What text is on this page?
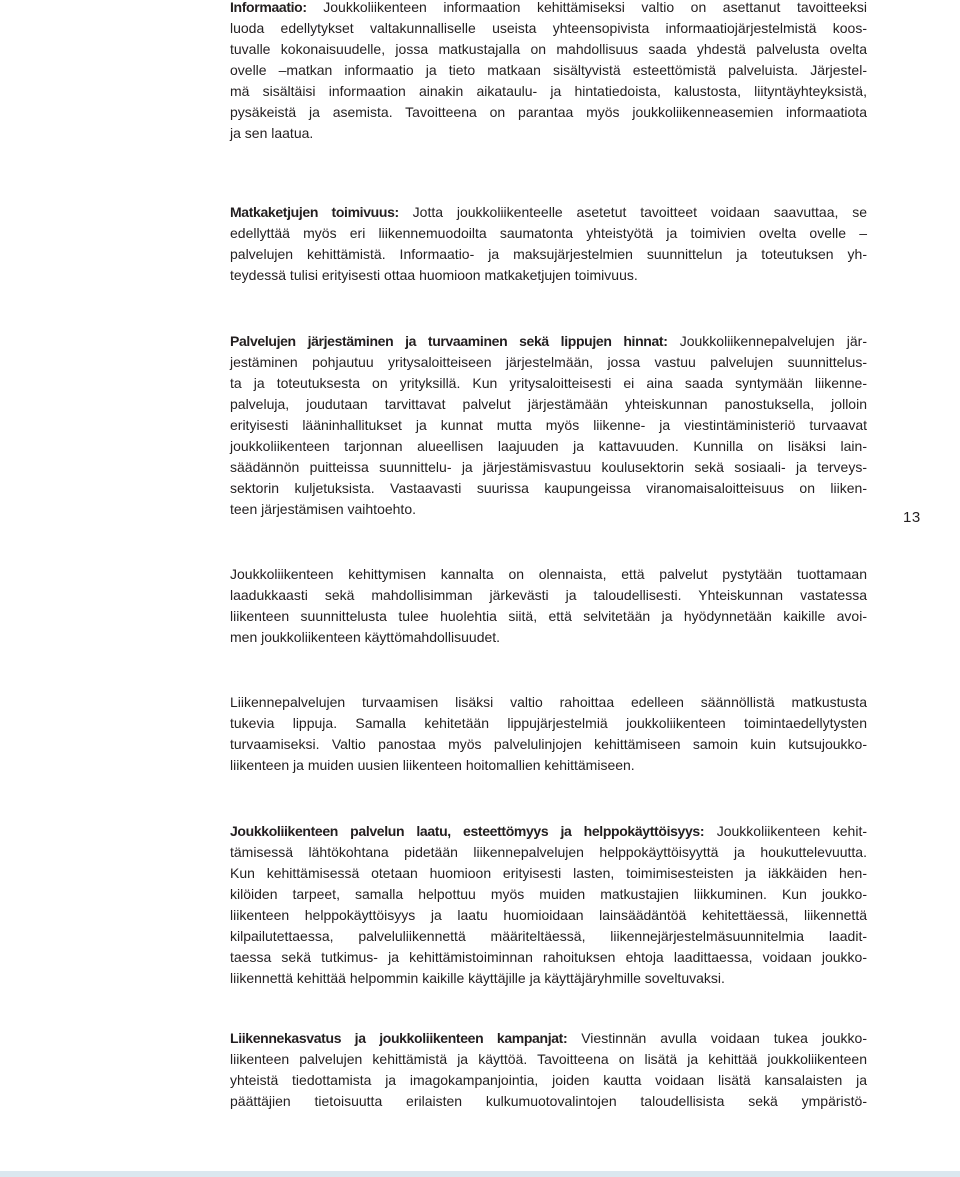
13
Informaatio: Joukkoliikenteen informaation kehittämiseksi valtio on asettanut tavoitteeksi
luoda edellytykset valtakunnalliselle useista yhteensopivista informaatiojärjestelmistä koos-
tuvalle kokonaisuudelle, jossa matkustajalla on mahdollisuus saada yhdestä palvelusta ovelta
ovelle –matkan informaatio ja tieto matkaan sisältyvistä esteettömistä palveluista. Järjestel-
mä sisältäisi informaation ainakin aikataulu- ja hintatiedoista, kalustosta, liityntäyhteyksistä,
pysäkeistä ja asemista. Tavoitteena on parantaa myös joukkoliikenneasemien informaatiota
ja sen laatua.
Matkaketjujen toimivuus: Jotta joukkoliikenteelle asetetut tavoitteet voidaan saavuttaa, se
edellyttää myös eri liikennemuodoilta saumatonta yhteistyötä ja toimivien ovelta ovelle –
palvelujen kehittämistä. Informaatio- ja maksujärjestelmien suunnittelun ja toteutuksen yh-
teydessä tulisi erityisesti ottaa huomioon matkaketjujen toimivuus.
Palvelujen järjestäminen ja turvaaminen sekä lippujen hinnat: Joukkoliikennepalvelujen jär-
jestäminen pohjautuu yritysaloitteiseen järjestelmään, jossa vastuu palvelujen suunnittelus-
ta ja toteutuksesta on yrityksillä. Kun yritysaloitteisesti ei aina saada syntymään liikenne-
palveluja, joudutaan tarvittavat palvelut järjestämään yhteiskunnan panostuksella, jolloin
erityisesti lääninhallitukset ja kunnat mutta myös liikenne- ja viestintäministeriö turvaavat
joukkoliikenteen tarjonnan alueellisen laajuuden ja kattavuuden. Kunnilla on lisäksi lain-
säädännön puitteissa suunnittelu- ja järjestämisvastuu koulusektorin sekä sosiaali- ja terveys-
sektorin kuljetuksista. Vastaavasti suurissa kaupungeissa viranomaisaloitteisuus on liiken-
teen järjestämisen vaihtoehto.
Joukkoliikenteen kehittymisen kannalta on olennaista, että palvelut pystytään tuottamaan
laadukkaasti sekä mahdollisimman järkevästi ja taloudellisesti. Yhteiskunnan vastatessa
liikenteen suunnittelusta tulee huolehtia siitä, että selvitetään ja hyödynnetään kaikille avoi-
men joukkoliikenteen käyttömahdollisuudet.
Liikennepalvelujen turvaamisen lisäksi valtio rahoittaa edelleen säännöllistä matkustusta
tukevia lippuja. Samalla kehitetään lippujärjestelmiä joukkoliikenteen toimintaedellytysten
turvaamiseksi. Valtio panostaa myös palvelulinjojen kehittämiseen samoin kuin kutsujoukko-
liikenteen ja muiden uusien liikenteen hoitomallien kehittämiseen.
Joukkoliikenteen palvelun laatu, esteettömyys ja helppokäyttöisyys: Joukkoliikenteen kehit-
tämisessä lähtökohtana pidetään liikennepalvelujen helppokäyttöisyyttä ja houkuttelevuutta.
Kun kehittämisessä otetaan huomioon erityisesti lasten, toimimisesteisten ja iäkkäiden hen-
kilöiden tarpeet, samalla helpottuu myös muiden matkustajien liikkuminen. Kun joukko-
liikenteen helppokäyttöisyys ja laatu huomioidaan lainsäädäntöä kehitettäessä, liikennettä
kilpailutettaessa, palveluliikennettä määriteltäessä, liikennejärjestelmäsuunnitelmia laadit-
taessa sekä tutkimus- ja kehittämistoiminnan rahoituksen ehtoja laadittaessa, voidaan joukko-
liikennettä kehittää helpommin kaikille käyttäjille ja käyttäjäryhmille soveltuvaksi.
Liikennekasvatus ja joukkoliikenteen kampanjat: Viestinnän avulla voidaan tukea joukko-
liikenteen palvelujen kehittämistä ja käyttöä. Tavoitteena on lisätä ja kehittää joukkoliikenteen
yhteistä tiedottamista ja imagokampanjointia, joiden kautta voidaan lisätä kansalaisten ja
päättäjien tietoisuutta erilaisten kulkumuotovalintojen taloudellisista sekä ympäristö-
